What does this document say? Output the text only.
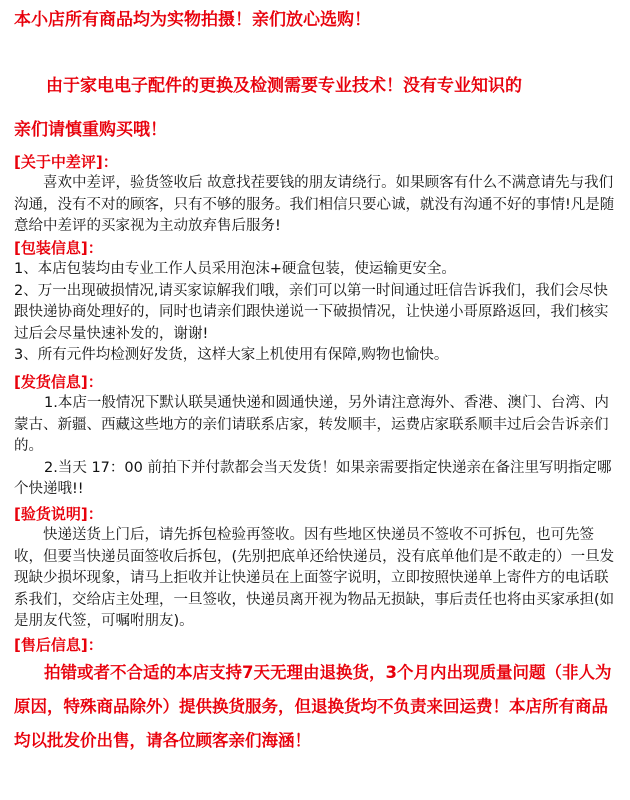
本小店所有商品均为实物拍摄！亲们放心选购！
由于家电电子配件的更换及检测需要专业技术！没有专业知识的
亲们请慎重购买哦！
[关于中差评]：

喜欢中差评，验货签收后 故意找茬要钱的朋友请绕行。如果顾客有什么不满意请先与我们沟通，没有不对的顾客，只有不够的服务。我们相信只要心诚，就没有沟通不好的事情!凡是随意给中差评的买家视为主动放弃售后服务!

[包装信息]：

1、本店包装均由专业工作人员采用泡沫+硬盒包装，使运输更安全。

2、万一出现破损情况,请买家谅解我们哦，亲们可以第一时间通过旺信告诉我们，我们会尽快跟快递协商处理好的，同时也请亲们跟快递说一下破损情况，让快递小哥原路返回，我们核实过后会尽量快速补发的，谢谢!

3、所有元件均检测好发货，这样大家上机使用有保障,购物也愉快。

[发货信息]：

1.本店一般情况下默认联昊通快递和圆通快递，另外请注意海外、香港、澳门、台湾、内蒙古、新疆、西藏这些地方的亲们请联系店家，转发顺丰，运费店家联系顺丰过后会告诉亲们的。

2.当天 17：00 前拍下并付款都会当天发货！如果亲需要指定快递亲在备注里写明指定哪个快递哦!!

[验货说明]：

快递送货上门后，请先拆包检验再签收。因有些地区快递员不签收不可拆包，也可先签收，但要当快递员面签收后拆包，(先别把底单还给快递员，没有底单他们是不敢走的）一旦发现缺少损坏现象，请马上拒收并让快递员在上面签字说明，立即按照快递单上寄件方的电话联系我们，交给店主处理，一旦签收，快递员离开视为物品无损缺，事后责任也将由买家承担(如是朋友代签，可嘱咐朋友)。

[售后信息]：

拍错或者不合适的本店支持7天无理由退换货，3个月内出现质量问题（非人为原因，特殊商品除外）提供换货服务，但退换货均不负责来回运费！本店所有商品均以批发价出售，请各位顾客亲们海涵！
